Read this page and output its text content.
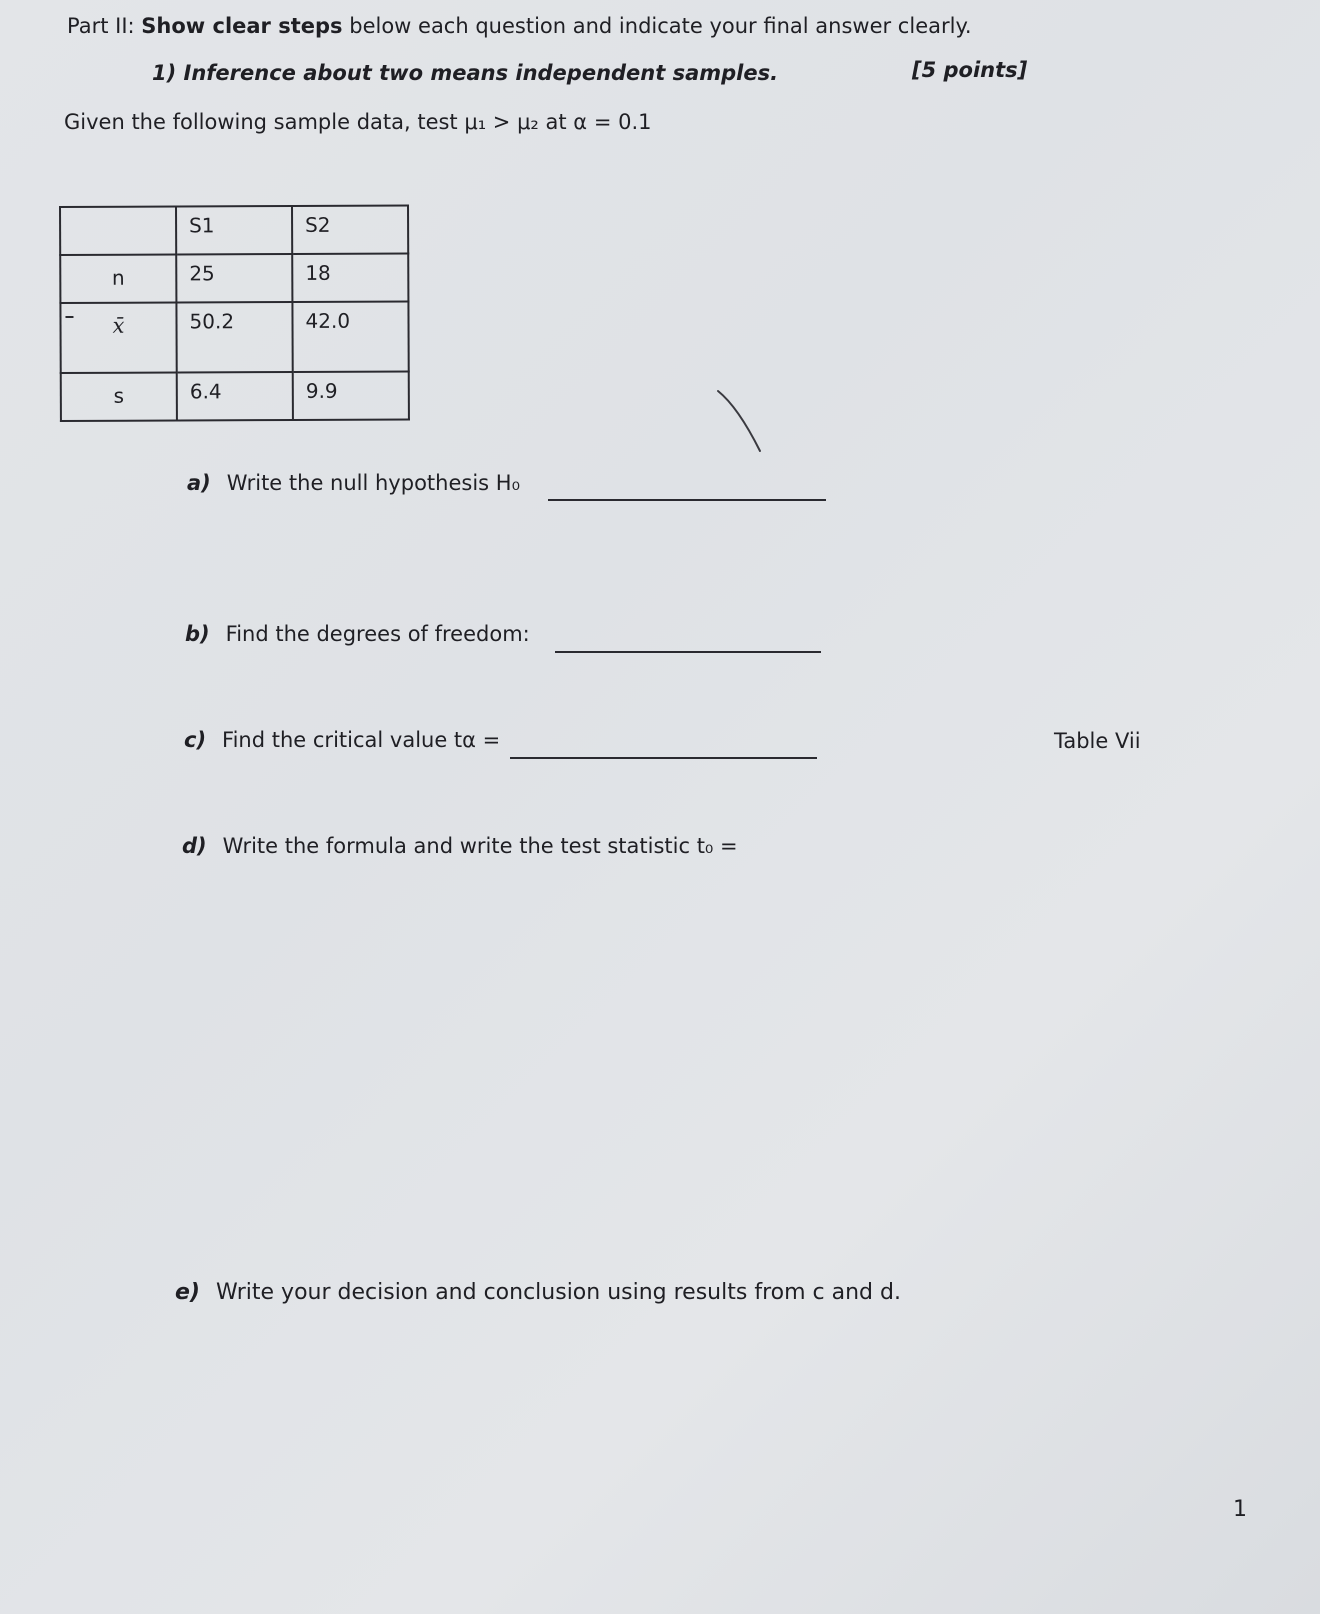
Part II: Show clear steps below each question and indicate your final answer clearly.
1) Inference about two means independent samples.	[5 points]
Given the following sample data, test μ₁ > μ₂ at α = 0.1

	S1	S2

n	25	18

x̄	50.2	42.0

s	6.4	9.9
a) Write the null hypothesis H₀
b) Find the degrees of freedom:
c) Find the critical value tα =	Table Vii
d) Write the formula and write the test statistic t₀ =
e) Write your decision and conclusion using results from c and d.
1
